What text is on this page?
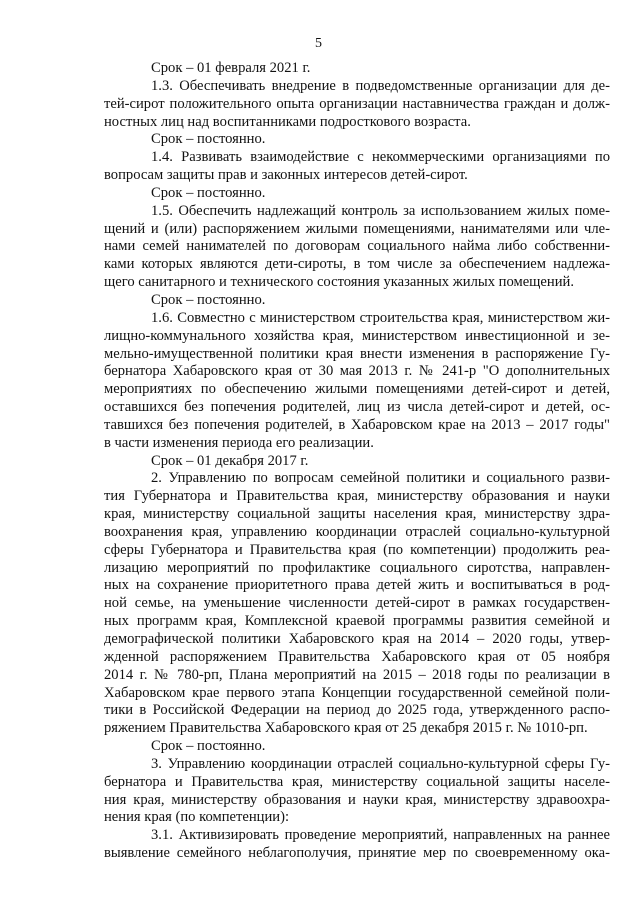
5
Срок – 01 февраля 2021 г.
1.3. Обеспечивать внедрение в подведомственные организации для де-
тей-сирот положительного опыта организации наставничества граждан и долж-
ностных лиц над воспитанниками подросткового возраста.
Срок – постоянно.
1.4. Развивать взаимодействие с некоммерческими организациями по
вопросам защиты прав и законных интересов детей-сирот.
Срок – постоянно.
1.5. Обеспечить надлежащий контроль за использованием жилых поме-
щений и (или) распоряжением жилыми помещениями, нанимателями или чле-
нами семей нанимателей по договорам социального найма либо собственни-
ками которых являются дети-сироты, в том числе за обеспечением надлежа-
щего санитарного и технического состояния указанных жилых помещений.
Срок – постоянно.
1.6. Совместно с министерством строительства края, министерством жи-
лищно-коммунального хозяйства края, министерством инвестиционной и зе-
мельно-имущественной политики края внести изменения в распоряжение Гу-
бернатора Хабаровского края от 30 мая 2013 г. № 241-р "О дополнительных
мероприятиях по обеспечению жилыми помещениями детей-сирот и детей,
оставшихся без попечения родителей, лиц из числа детей-сирот и детей, ос-
тавшихся без попечения родителей, в Хабаровском крае на 2013 – 2017 годы"
в части изменения периода его реализации.
Срок – 01 декабря 2017 г.
2. Управлению по вопросам семейной политики и социального разви-
тия Губернатора и Правительства края, министерству образования и науки
края, министерству социальной защиты населения края, министерству здра-
воохранения края, управлению координации отраслей социально-культурной
сферы Губернатора и Правительства края (по компетенции) продолжить реа-
лизацию мероприятий по профилактике социального сиротства, направлен-
ных на сохранение приоритетного права детей жить и воспитываться в род-
ной семье, на уменьшение численности детей-сирот в рамках государствен-
ных программ края, Комплексной краевой программы развития семейной и
демографической политики Хабаровского края на 2014 – 2020 годы, утвер-
жденной распоряжением Правительства Хабаровского края от 05 ноября
2014 г. № 780-рп, Плана мероприятий на 2015 – 2018 годы по реализации в
Хабаровском крае первого этапа Концепции государственной семейной поли-
тики в Российской Федерации на период до 2025 года, утвержденного распо-
ряжением Правительства Хабаровского края от 25 декабря 2015 г. № 1010-рп.
Срок – постоянно.
3. Управлению координации отраслей социально-культурной сферы Гу-
бернатора и Правительства края, министерству социальной защиты населе-
ния края, министерству образования и науки края, министерству здравоохра-
нения края (по компетенции):
3.1. Активизировать проведение мероприятий, направленных на раннее
выявление семейного неблагополучия, принятие мер по своевременному ока-
